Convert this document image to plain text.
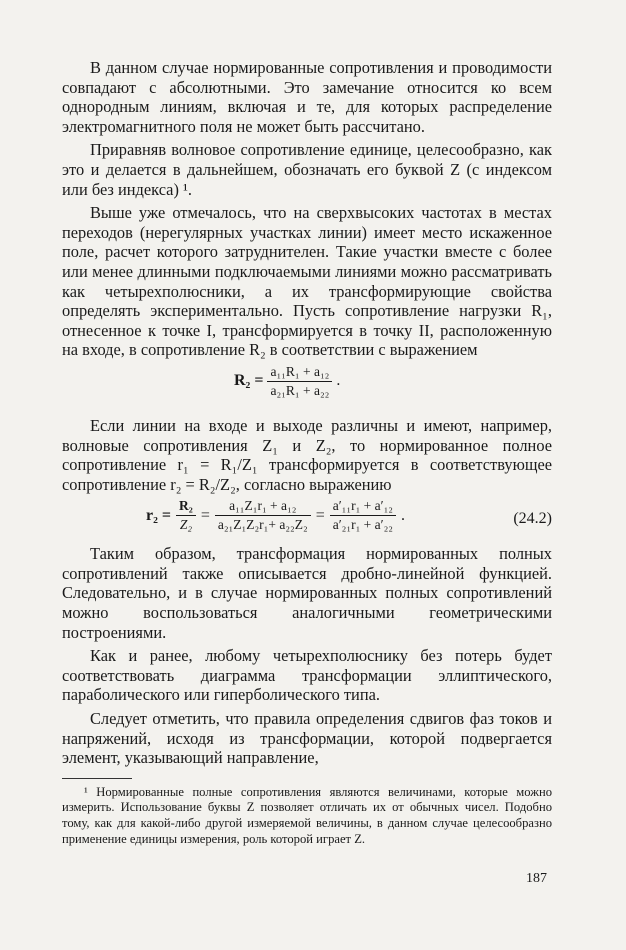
В данном случае нормированные сопротивления и проводимости совпадают с абсолютными. Это замечание относится ко всем однородным линиям, включая и те, для которых распределение электромагнитного поля не может быть рассчитано.

Приравняв волновое сопротивление единице, целесообразно, как это и делается в дальнейшем, обозначать его буквой Z (с индексом или без индекса) ¹.

Выше уже отмечалось, что на сверхвысоких частотах в местах переходов (нерегулярных участках линии) имеет место искаженное поле, расчет которого затруднителен. Такие участки вместе с более или менее длинными подключаемыми линиями можно рассматривать как четырехполюсники, а их трансформирующие свойства определять экспериментально. Пусть сопротивление нагрузки R₁, отнесенное к точке I, трансформируется в точку II, расположенную на входе, в сопротивление R₂ в соответствии с выражением

$R_2 = \frac{\text{a₁₁R₁ + a₁₂}}{\text{a₂₁R₁ + a₂₂}}$ .

Если линии на входе и выходе различны и имеют, например, волновые сопротивления Z₁ и Z₂, то нормированное полное сопротивление r₁ = R₁/Z₁ трансформируется в соответствующее сопротивление r₂ = R₂/Z₂, согласно выражению

$r_2 = \frac{\text{R₂}}{\text{Z₂}} = \frac{\text{a₁₁Z₁r₁ + a₁₂}}{\text{a₂₁Z₁Z₂r₁+ a₂₂Z₂}} = \frac{\text{a′₁₁r₁ + a′₁₂}}{\text{a′₂₁r₁ + a′₂₂}}$ .	(24.2)

Таким образом, трансформация нормированных полных сопротивлений также описывается дробно-линейной функцией. Следовательно, и в случае нормированных полных сопротивлений можно воспользоваться аналогичными геометрическими построениями.

Как и ранее, любому четырехполюснику без потерь будет соответствовать диаграмма трансформации эллиптического, параболического или гиперболического типа.

Следует отметить, что правила определения сдвигов фаз токов и напряжений, исходя из трансформации, которой подвергается элемент, указывающий направление,

¹ Нормированные полные сопротивления являются величинами, которые можно измерить. Использование буквы Z позволяет отличать их от обычных чисел. Подобно тому, как для какой-либо другой измеряемой величины, в данном случае целесообразно применение единицы измерения, роль которой играет Z.

187
